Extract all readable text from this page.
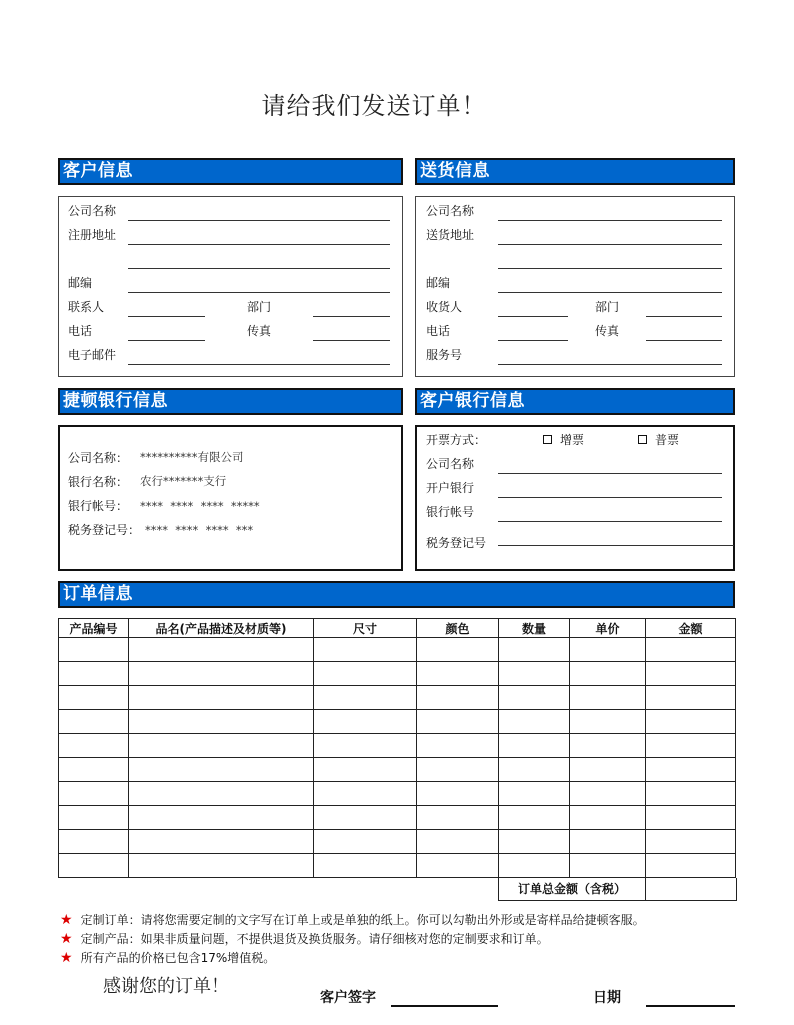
请给我们发送订单！
客户信息
公司名称
注册地址
邮编
联系人	部门
电话	传真
电子邮件
送货信息
公司名称
送货地址
邮编
收货人	部门
电话	传真
服务号
捷顿银行信息
公司名称： **********有限公司
银行名称： 农行*******支行
银行帐号： ****  ****  ****  *****
税务登记号： ****  ****  ****  ***
客户银行信息
开票方式：	增票	普票
公司名称
开户银行
银行帐号
税务登记号
订单信息
产品编号	品名(产品描述及材质等)	尺寸	颜色	数量	单价	金额

订单总金额（含税）
★ 定制订单：请将您需要定制的文字写在订单上或是单独的纸上。你可以勾勒出外形或是寄样品给捷顿客服。
★ 定制产品：如果非质量问题，不提供退货及换货服务。请仔细核对您的定制要求和订单。
★ 所有产品的价格已包含17%增值税。
感谢您的订单！
客户签字	日期
